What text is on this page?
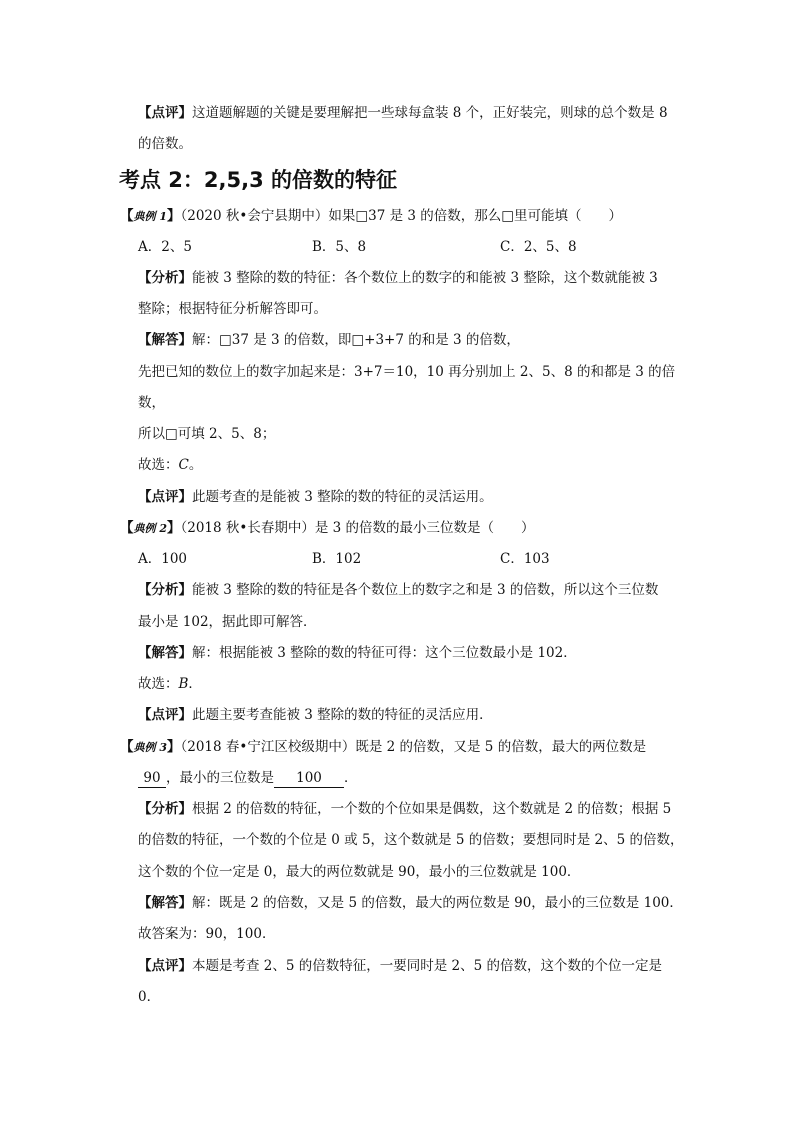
【点评】这道题解题的关键是要理解把一些球每盒装 8 个，正好装完，则球的总个数是 8
的倍数。
考点 2：2,5,3 的倍数的特征
【典例 1】（2020 秋•会宁县期中）如果□37 是 3 的倍数，那么□里可能填（　　）
A．2、5	B．5、8	C．2、5、8
【分析】能被 3 整除的数的特征：各个数位上的数字的和能被 3 整除，这个数就能被 3
整除；根据特征分析解答即可。
【解答】解：□37 是 3 的倍数，即□+3+7 的和是 3 的倍数，
先把已知的数位上的数字加起来是：3+7＝10，10 再分别加上 2、5、8 的和都是 3 的倍
数，
所以□可填 2、5、8；
故选：C。
【点评】此题考查的是能被 3 整除的数的特征的灵活运用。
【典例 2】（2018 秋•长春期中）是 3 的倍数的最小三位数是（　　）
A．100	B．102	C．103
【分析】能被 3 整除的数的特征是各个数位上的数字之和是 3 的倍数，所以这个三位数
最小是 102，据此即可解答．
【解答】解：根据能被 3 整除的数的特征可得：这个三位数最小是 102．
故选：B．
【点评】此题主要考查能被 3 整除的数的特征的灵活应用．
【典例 3】（2018 春•宁江区校级期中）既是 2 的倍数，又是 5 的倍数，最大的两位数是
90 ，最小的三位数是 100 ．
【分析】根据 2 的倍数的特征，一个数的个位如果是偶数，这个数就是 2 的倍数；根据 5
的倍数的特征，一个数的个位是 0 或 5，这个数就是 5 的倍数；要想同时是 2、5 的倍数，
这个数的个位一定是 0，最大的两位数就是 90，最小的三位数就是 100．
【解答】解：既是 2 的倍数，又是 5 的倍数，最大的两位数是 90，最小的三位数是 100．
故答案为：90，100．
【点评】本题是考查 2、5 的倍数特征，一要同时是 2、5 的倍数，这个数的个位一定是
0．
